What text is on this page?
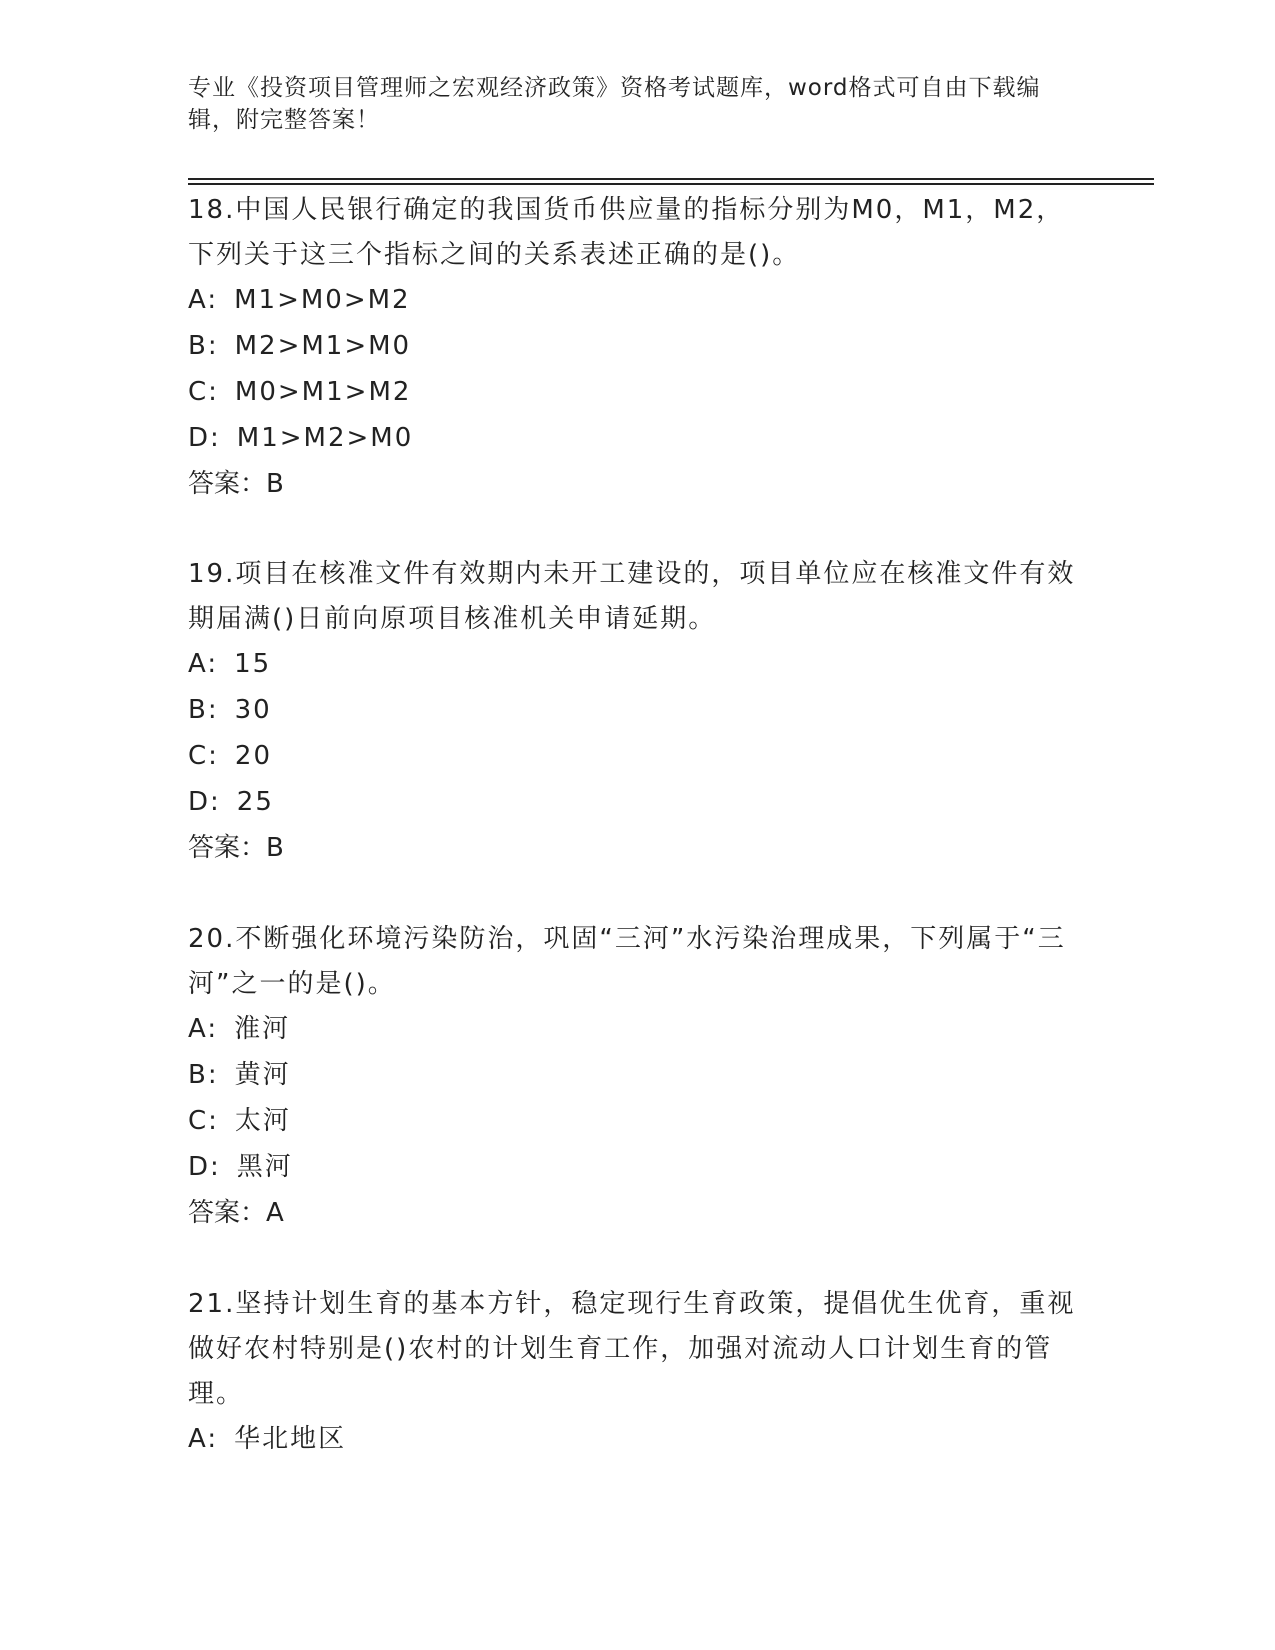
专业《投资项目管理师之宏观经济政策》资格考试题库，word格式可自由下载编辑，附完整答案！

18.中国人民银行确定的我国货币供应量的指标分别为M0，M1，M2，下列关于这三个指标之间的关系表述正确的是()。

A: M1>M0>M2
B: M2>M1>M0
C: M0>M1>M2
D: M1>M2>M0
答案： B

19.项目在核准文件有效期内未开工建设的，项目单位应在核准文件有效期届满()日前向原项目核准机关申请延期。

A: 15
B: 30
C: 20
D: 25
答案： B

20.不断强化环境污染防治，巩固“三河”水污染治理成果，下列属于“三河”之一的是()。

A: 淮河
B: 黄河
C: 太河
D: 黑河
答案： A

21.坚持计划生育的基本方针，稳定现行生育政策，提倡优生优育，重视做好农村特别是()农村的计划生育工作，加强对流动人口计划生育的管理。

A: 华北地区
